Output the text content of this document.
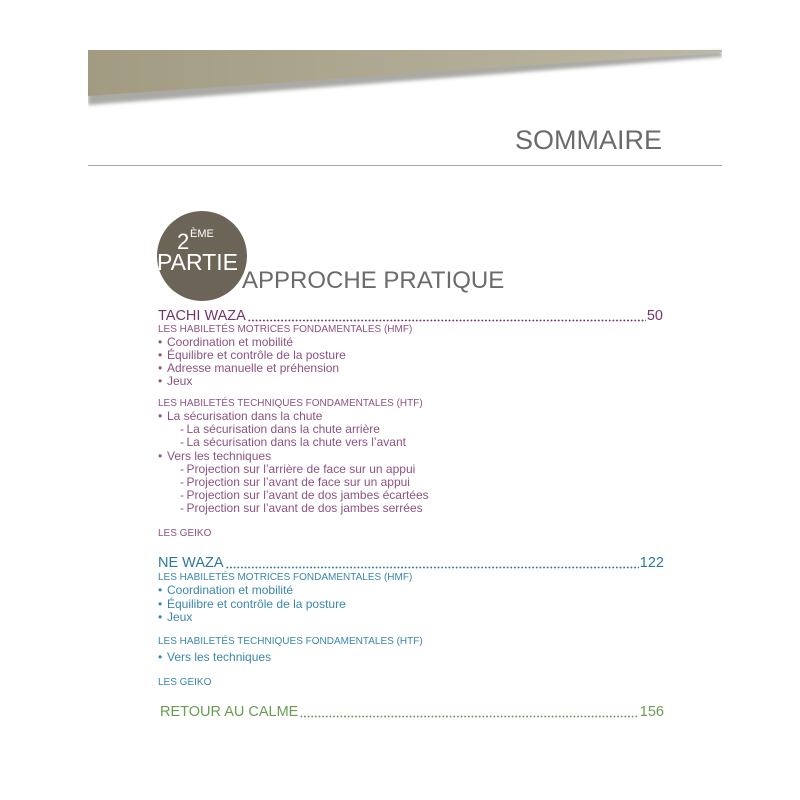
SOMMAIRE
2 ÈME
PARTIE
APPROCHE PRATIQUE
TACHI WAZA	50
LES HABILETÉS MOTRICES FONDAMENTALES (HMF)
• Coordination et mobilité
• Équilibre et contrôle de la posture
• Adresse manuelle et préhension
• Jeux
LES HABILETÉS TECHNIQUES FONDAMENTALES (HTF)
• La sécurisation dans la chute
- La sécurisation dans la chute arrière
- La sécurisation dans la chute vers l’avant
• Vers les techniques
- Projection sur l’arrière de face sur un appui
- Projection sur l’avant de face sur un appui
- Projection sur l’avant de dos jambes écartées
- Projection sur l’avant de dos jambes serrées
LES GEIKO
NE WAZA	122
LES HABILETÉS MOTRICES FONDAMENTALES (HMF)
• Coordination et mobilité
• Équilibre et contrôle de la posture
• Jeux
LES HABILETÉS TECHNIQUES FONDAMENTALES (HTF)
• Vers les techniques
LES GEIKO
RETOUR AU CALME	156
